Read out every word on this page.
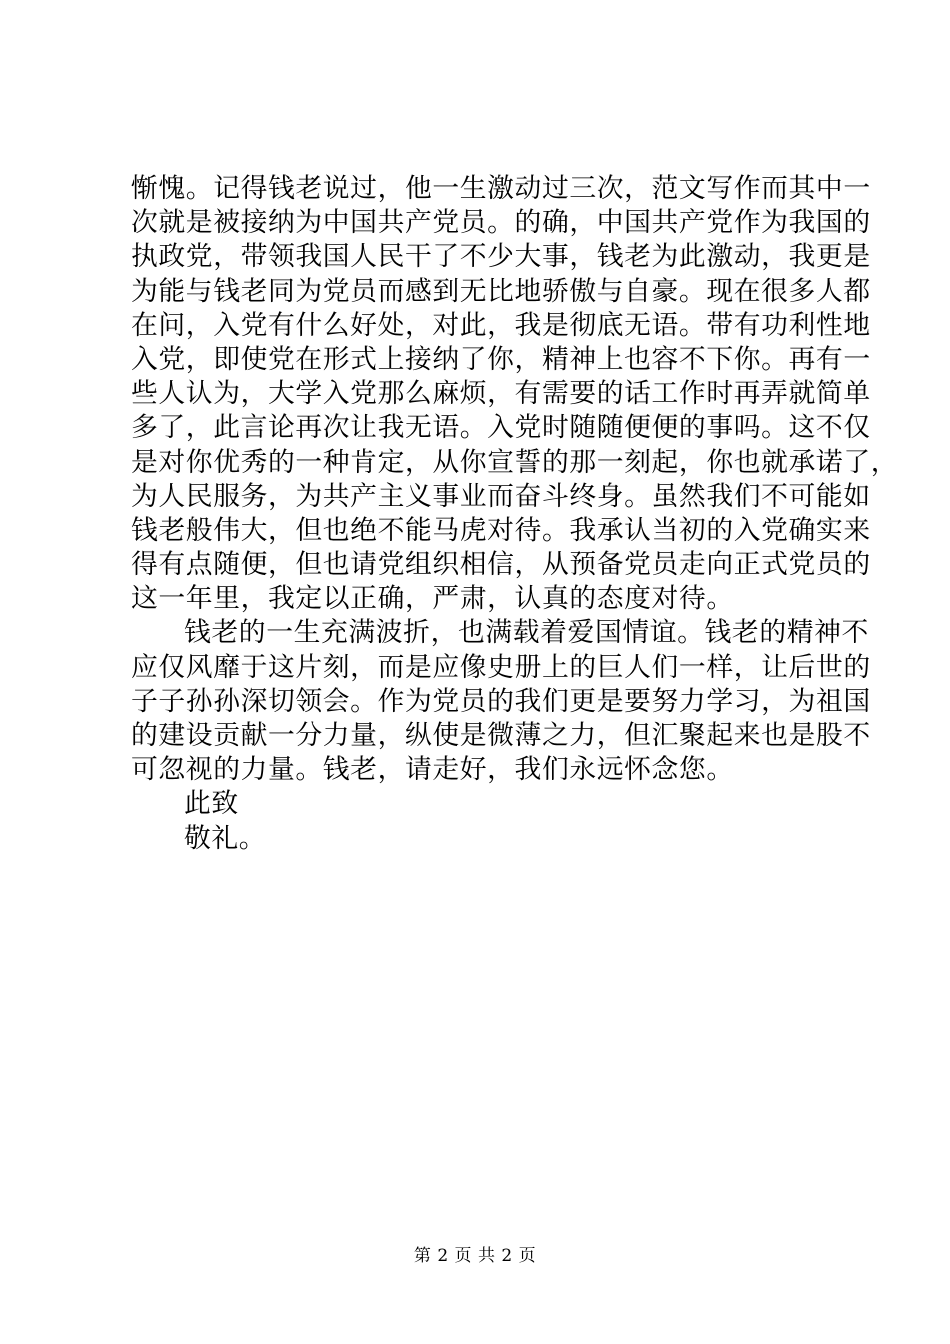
惭愧。记得钱老说过，他一生激动过三次，范文写作而其中一
次就是被接纳为中国共产党员。的确，中国共产党作为我国的
执政党，带领我国人民干了不少大事，钱老为此激动，我更是
为能与钱老同为党员而感到无比地骄傲与自豪。现在很多人都
在问，入党有什么好处，对此，我是彻底无语。带有功利性地
入党，即使党在形式上接纳了你，精神上也容不下你。再有一
些人认为，大学入党那么麻烦，有需要的话工作时再弄就简单
多了，此言论再次让我无语。入党时随随便便的事吗。这不仅
是对你优秀的一种肯定，从你宣誓的那一刻起，你也就承诺了，
为人民服务，为共产主义事业而奋斗终身。虽然我们不可能如
钱老般伟大，但也绝不能马虎对待。我承认当初的入党确实来
得有点随便，但也请党组织相信，从预备党员走向正式党员的
这一年里，我定以正确，严肃，认真的态度对待。
钱老的一生充满波折，也满载着爱国情谊。钱老的精神不
应仅风靡于这片刻，而是应像史册上的巨人们一样，让后世的
子子孙孙深切领会。作为党员的我们更是要努力学习，为祖国
的建设贡献一分力量，纵使是微薄之力，但汇聚起来也是股不
可忽视的力量。钱老，请走好，我们永远怀念您。
此致
敬礼。
第 2 页 共 2 页
